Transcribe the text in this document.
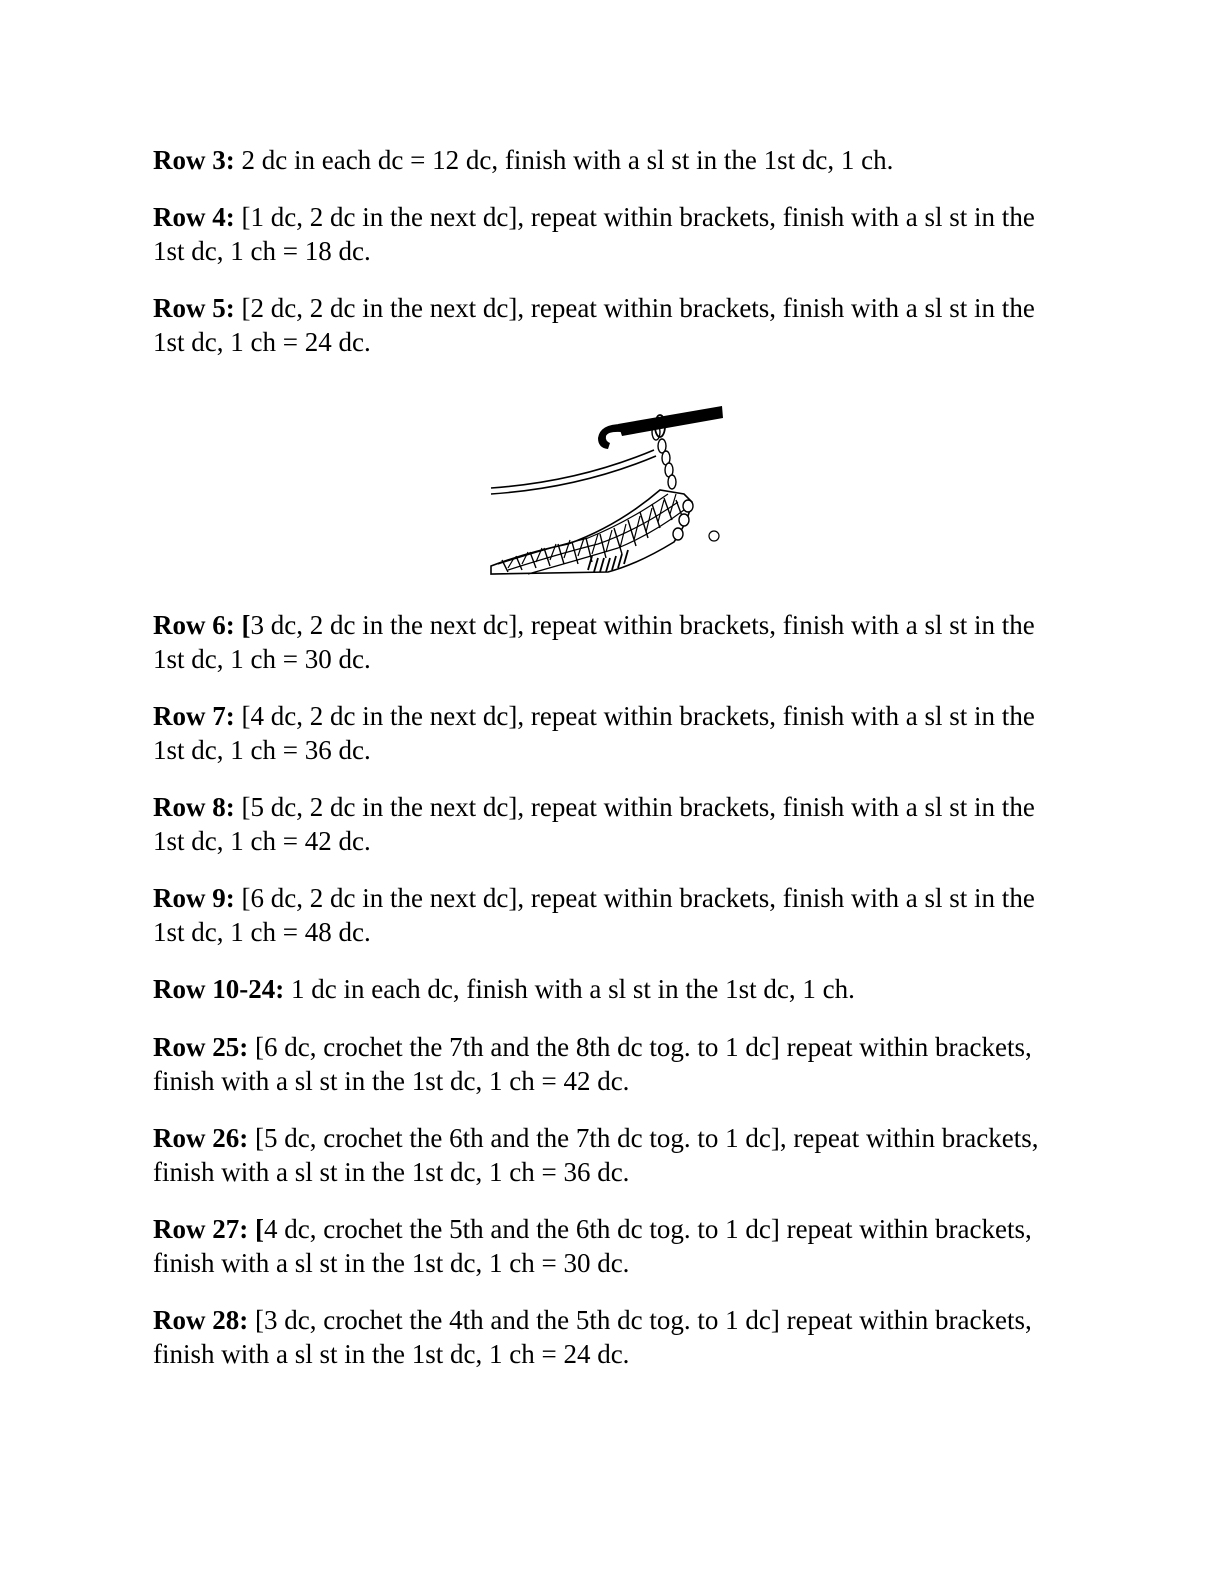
Row 3: 2 dc in each dc = 12 dc, finish with a sl st in the 1st dc, 1 ch.

Row 4: [1 dc, 2 dc in the next dc], repeat within brackets, finish with a sl st in the 1st dc, 1 ch = 18 dc.

Row 5: [2 dc, 2 dc in the next dc], repeat within brackets, finish with a sl st in the 1st dc, 1 ch = 24 dc.

Row 6: [3 dc, 2 dc in the next dc], repeat within brackets, finish with a sl st in the 1st dc, 1 ch = 30 dc.

Row 7: [4 dc, 2 dc in the next dc], repeat within brackets, finish with a sl st in the 1st dc, 1 ch = 36 dc.

Row 8: [5 dc, 2 dc in the next dc], repeat within brackets, finish with a sl st in the 1st dc, 1 ch = 42 dc.

Row 9: [6 dc, 2 dc in the next dc], repeat within brackets, finish with a sl st in the 1st dc, 1 ch = 48 dc.

Row 10-24: 1 dc in each dc, finish with a sl st in the 1st dc, 1 ch.

Row 25: [6 dc, crochet the 7th and the 8th dc tog. to 1 dc] repeat within brackets, finish with a sl st in the 1st dc, 1 ch = 42 dc.

Row 26: [5 dc, crochet the 6th and the 7th dc tog. to 1 dc], repeat within brackets, finish with a sl st in the 1st dc, 1 ch = 36 dc.

Row 27: [4 dc, crochet the 5th and the 6th dc tog. to 1 dc] repeat within brackets, finish with a sl st in the 1st dc, 1 ch = 30 dc.

Row 28: [3 dc, crochet the 4th and the 5th dc tog. to 1 dc] repeat within brackets, finish with a sl st in the 1st dc, 1 ch = 24 dc.
